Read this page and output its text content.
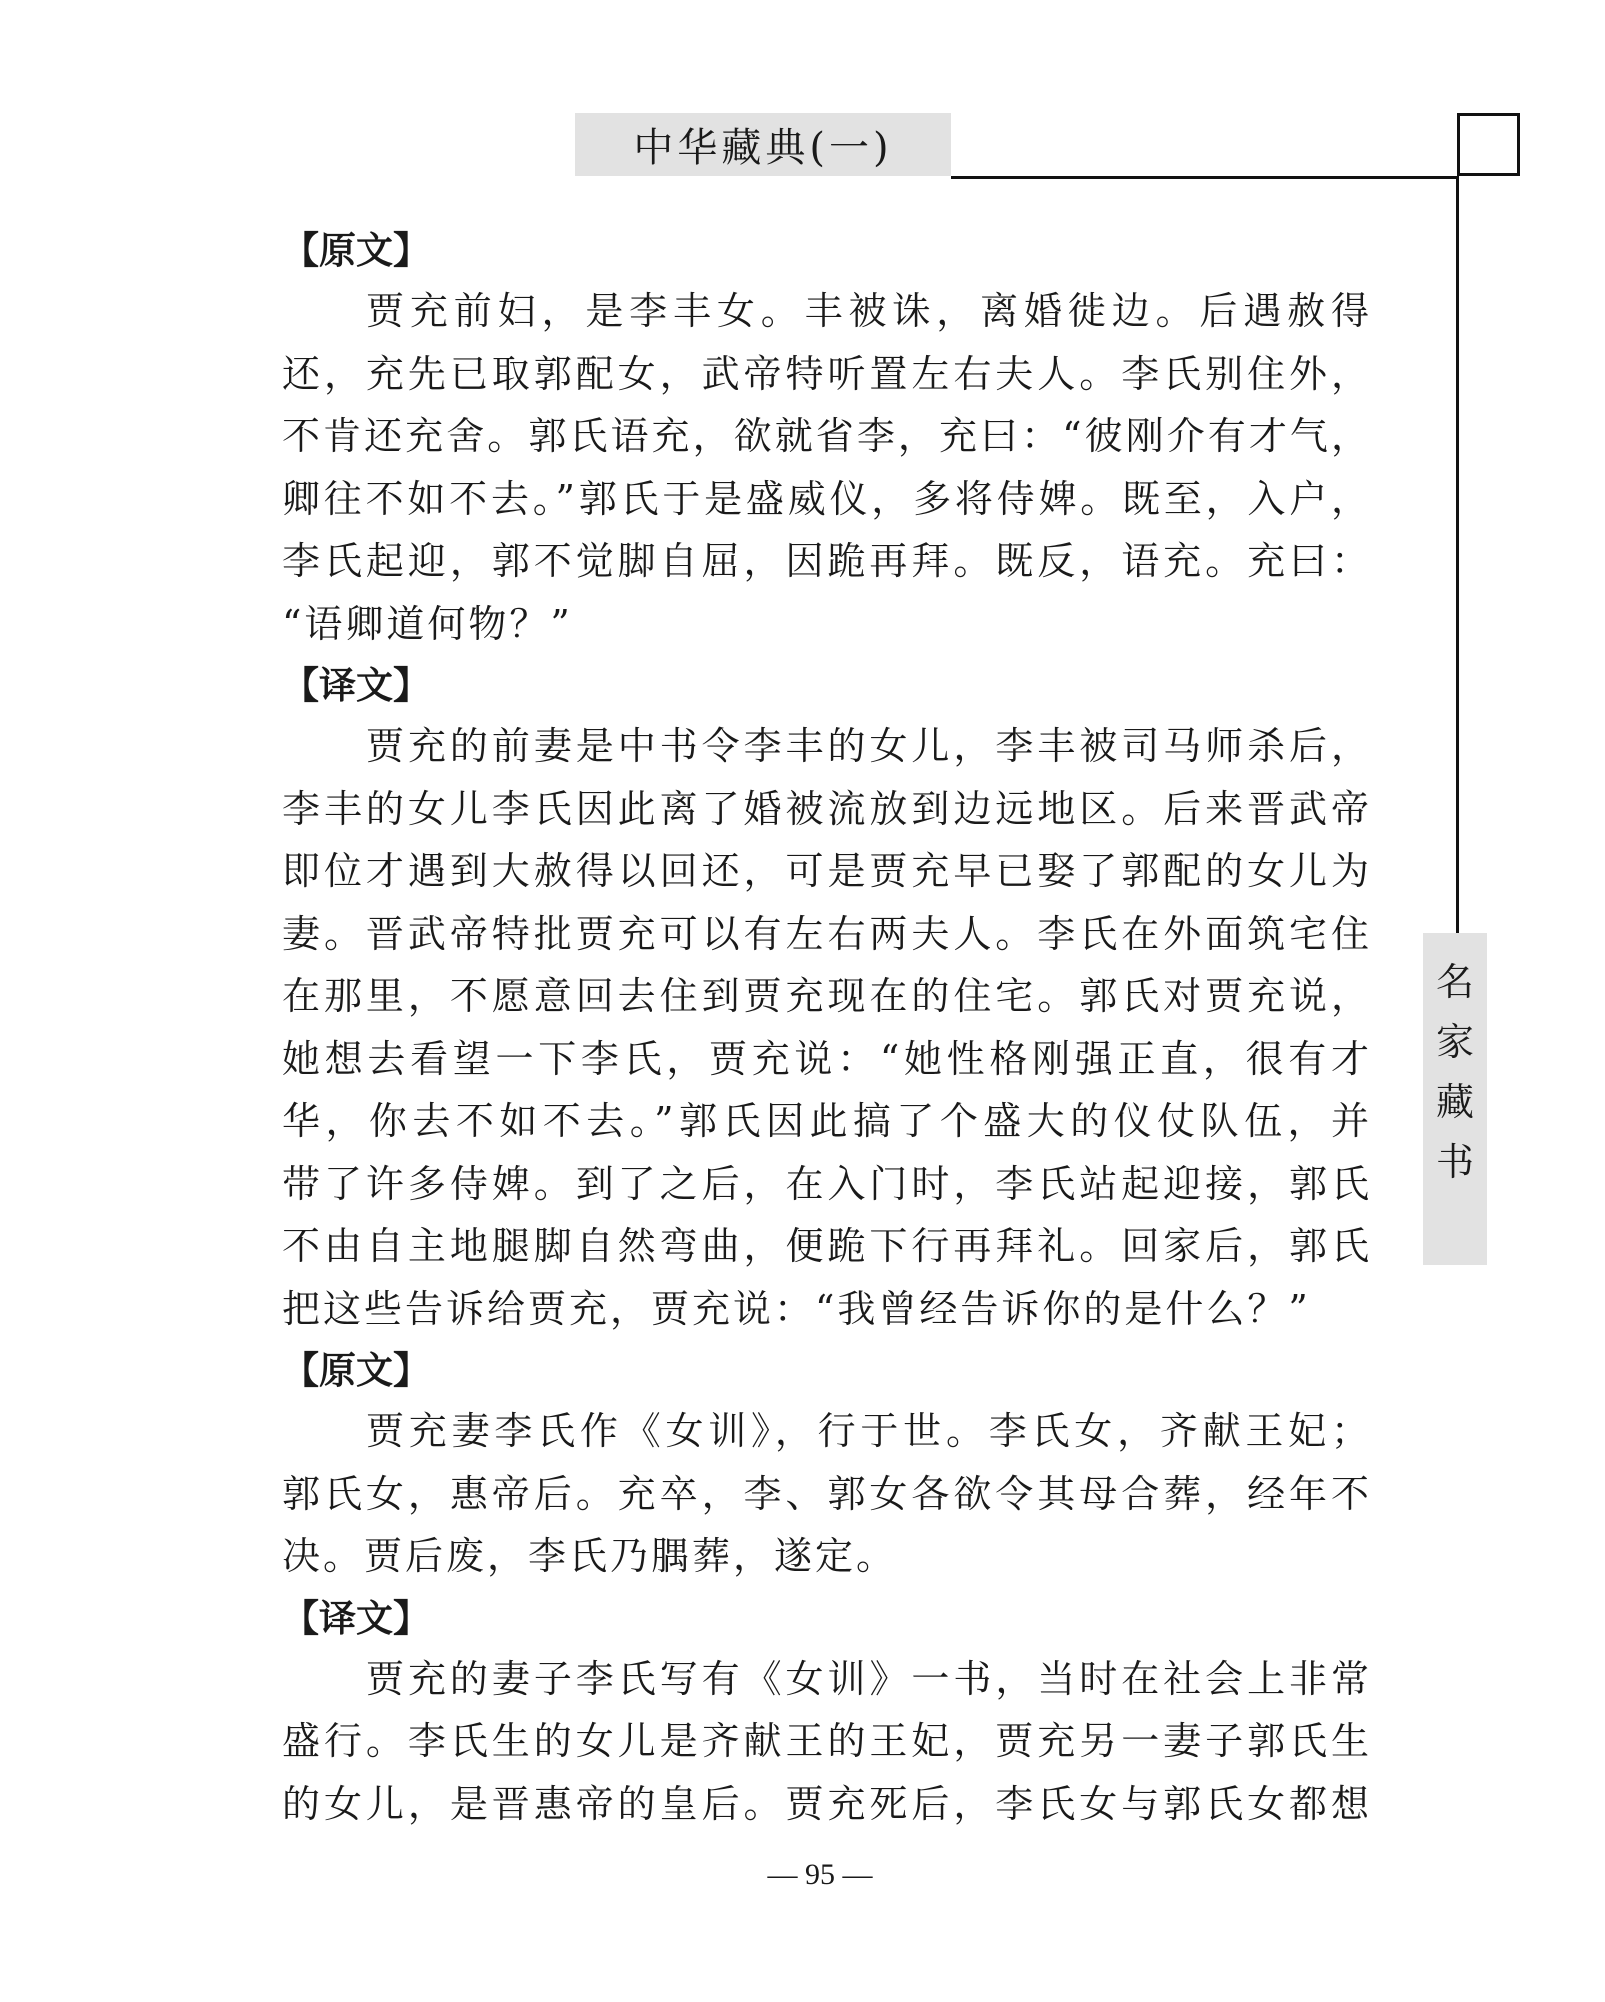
中华藏典(一)
名
家
藏
书

【原文】

贾充前妇，是李丰女。丰被诛，离婚徙边。后遇赦得
还，充先已取郭配女，武帝特听置左右夫人。李氏别住外，
不肯还充舍。郭氏语充，欲就省李，充曰：“彼刚介有才气，
卿往不如不去。”郭氏于是盛威仪，多将侍婢。既至，入户，
李氏起迎，郭不觉脚自屈，因跪再拜。既反，语充。充曰：
“语卿道何物？”

【译文】

贾充的前妻是中书令李丰的女儿，李丰被司马师杀后，
李丰的女儿李氏因此离了婚被流放到边远地区。后来晋武帝
即位才遇到大赦得以回还，可是贾充早已娶了郭配的女儿为
妻。晋武帝特批贾充可以有左右两夫人。李氏在外面筑宅住
在那里，不愿意回去住到贾充现在的住宅。郭氏对贾充说，
她想去看望一下李氏，贾充说：“她性格刚强正直，很有才
华，你去不如不去。”郭氏因此搞了个盛大的仪仗队伍，并
带了许多侍婢。到了之后，在入门时，李氏站起迎接，郭氏
不由自主地腿脚自然弯曲，便跪下行再拜礼。回家后，郭氏
把这些告诉给贾充，贾充说：“我曾经告诉你的是什么？”

【原文】

贾充妻李氏作《女训》，行于世。李氏女，齐献王妃；
郭氏女，惠帝后。充卒，李、郭女各欲令其母合葬，经年不
决。贾后废，李氏乃腢葬，遂定。

【译文】

贾充的妻子李氏写有《女训》一书，当时在社会上非常
盛行。李氏生的女儿是齐献王的王妃，贾充另一妻子郭氏生
的女儿，是晋惠帝的皇后。贾充死后，李氏女与郭氏女都想
— 95 —
